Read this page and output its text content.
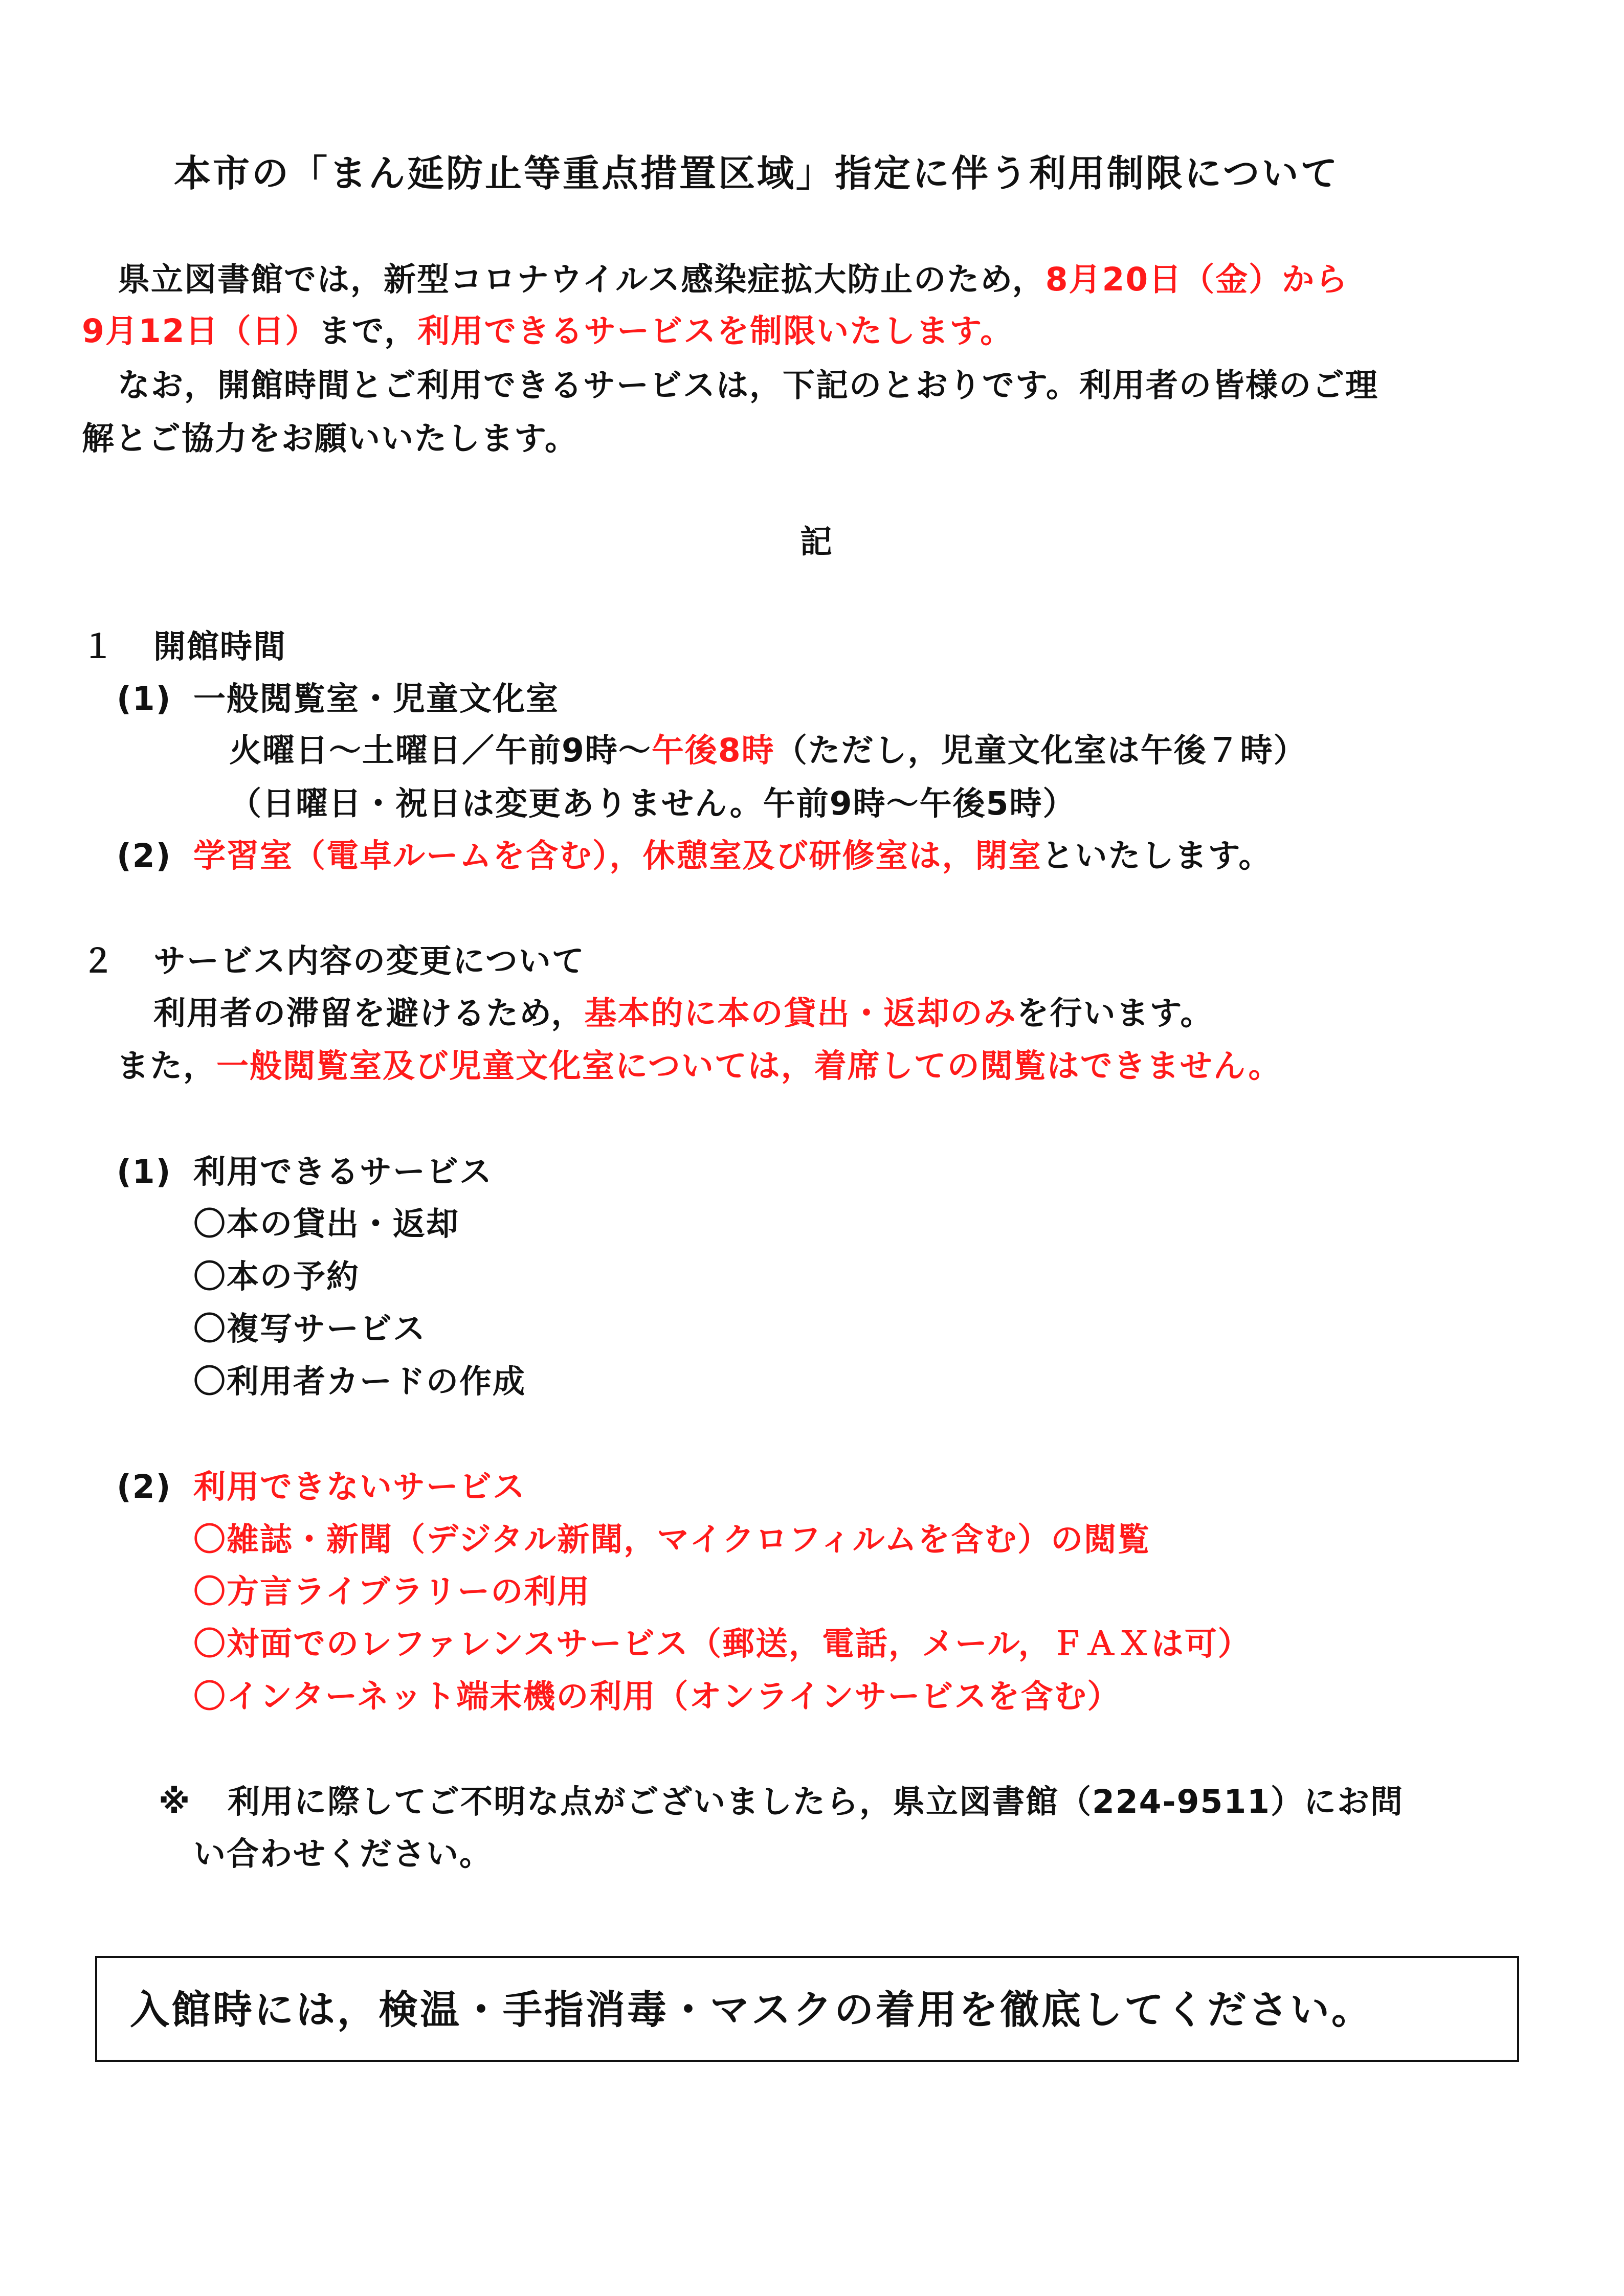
本市の「まん延防止等重点措置区域」指定に伴う利用制限について
県立図書館では，新型コロナウイルス感染症拡大防止のため，8月20日（金）から
9月12日（日）まで，利用できるサービスを制限いたします。
なお，開館時間とご利用できるサービスは，下記のとおりです。利用者の皆様のご理
解とご協力をお願いいたします。
記
１ 開館時間
(1) 一般閲覧室・児童文化室
火曜日～土曜日／午前9時～午後8時（ただし，児童文化室は午後７時）
（日曜日・祝日は変更ありません。午前9時～午後5時）
(2) 学習室（電卓ルームを含む），休憩室及び研修室は，閉室といたします。
２ サービス内容の変更について
利用者の滞留を避けるため，基本的に本の貸出・返却のみを行います。
また，一般閲覧室及び児童文化室については，着席しての閲覧はできません。
(1) 利用できるサービス
〇本の貸出・返却
〇本の予約
〇複写サービス
〇利用者カードの作成
(2) 利用できないサービス
〇雑誌・新聞（デジタル新聞，マイクロフィルムを含む）の閲覧
〇方言ライブラリーの利用
〇対面でのレファレンスサービス（郵送，電話，メール，ＦＡＸは可）
〇インターネット端末機の利用（オンラインサービスを含む）
※ 利用に際してご不明な点がございましたら，県立図書館（224-9511）にお問
い合わせください。
入館時には，検温・手指消毒・マスクの着用を徹底してください。
